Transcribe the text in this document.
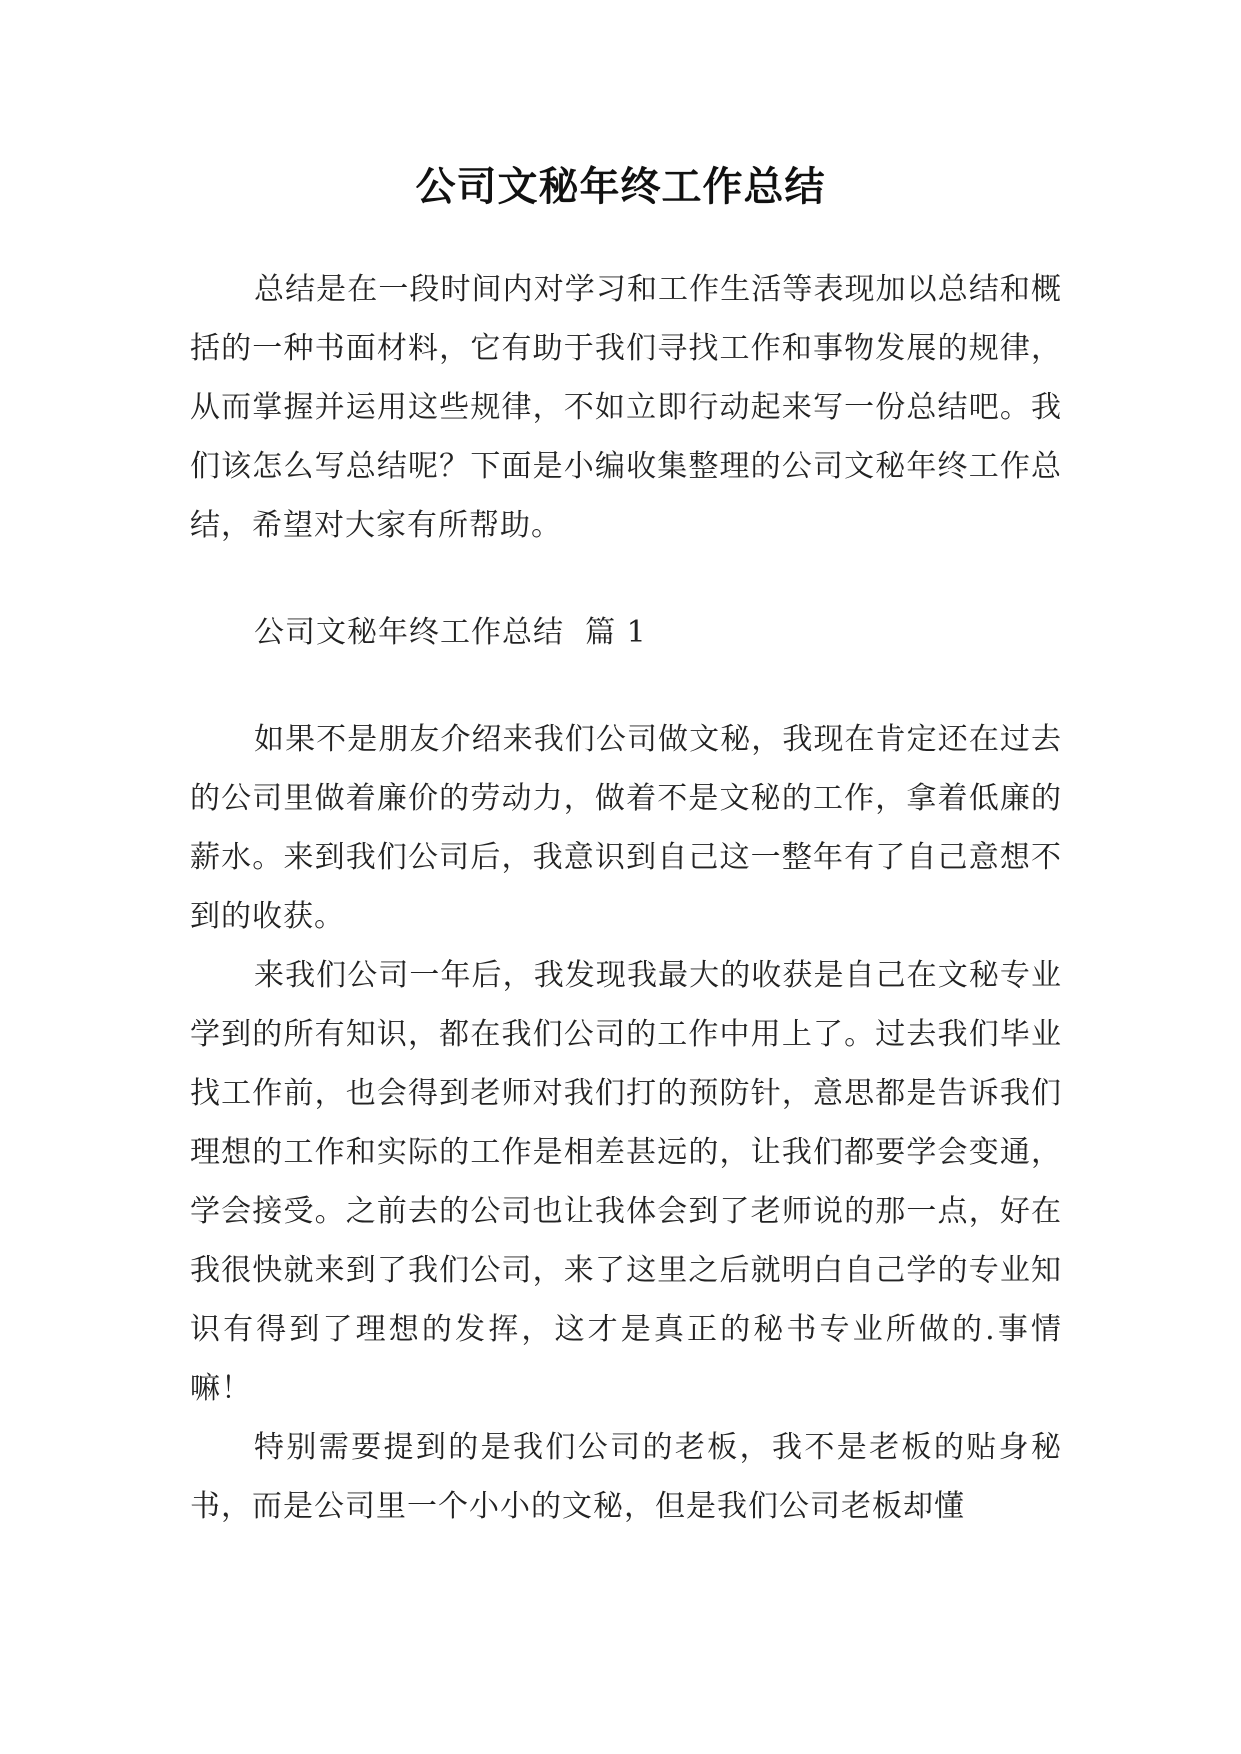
公司文秘年终工作总结

总结是在一段时间内对学习和工作生活等表现加以总结和概括的一种书面材料，它有助于我们寻找工作和事物发展的规律，从而掌握并运用这些规律，不如立即行动起来写一份总结吧。我们该怎么写总结呢？下面是小编收集整理的公司文秘年终工作总结，希望对大家有所帮助。

公司文秘年终工作总结  篇 1

如果不是朋友介绍来我们公司做文秘，我现在肯定还在过去的公司里做着廉价的劳动力，做着不是文秘的工作，拿着低廉的薪水。来到我们公司后，我意识到自己这一整年有了自己意想不到的收获。

来我们公司一年后，我发现我最大的收获是自己在文秘专业学到的所有知识，都在我们公司的工作中用上了。过去我们毕业找工作前，也会得到老师对我们打的预防针，意思都是告诉我们理想的工作和实际的工作是相差甚远的，让我们都要学会变通，学会接受。之前去的公司也让我体会到了老师说的那一点，好在我很快就来到了我们公司，来了这里之后就明白自己学的专业知识有得到了理想的发挥，这才是真正的秘书专业所做的.事情嘛！

特别需要提到的是我们公司的老板，我不是老板的贴身秘书，而是公司里一个小小的文秘，但是我们公司老板却懂
